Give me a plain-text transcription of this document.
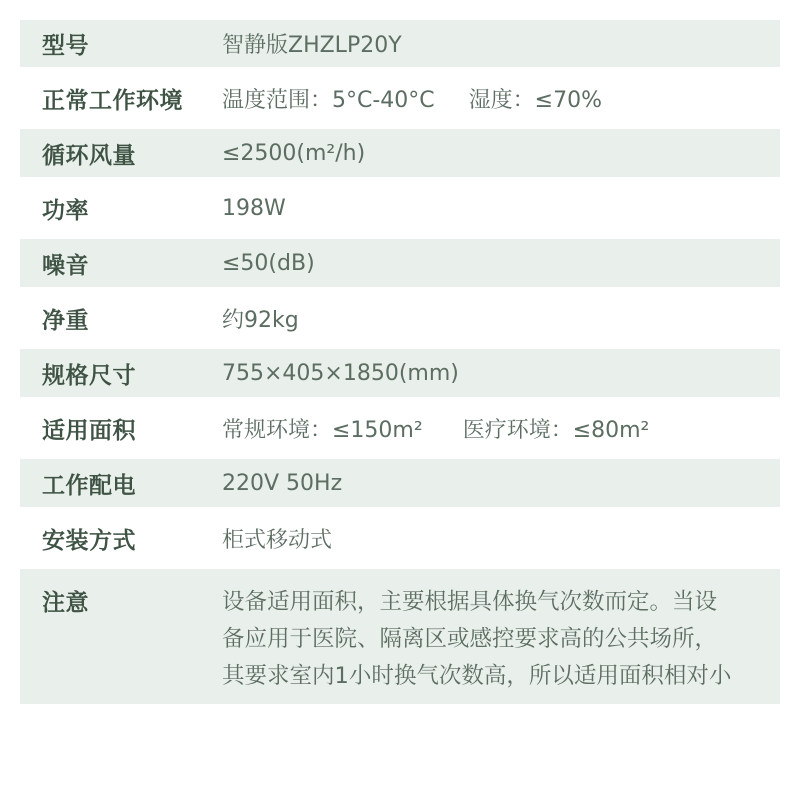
型号	智静版ZHZLP20Y
正常工作环境	温度范围：5°C-40°C 湿度：≤70%
循环风量	≤2500(m²/h)
功率	198W
噪音	≤50(dB)
净重	约92kg
规格尺寸	755×405×1850(mm)
适用面积	常规环境：≤150m² 医疗环境：≤80m²
工作配电	220V 50Hz
安装方式	柜式移动式
注意	设备适用面积，主要根据具体换气次数而定。当设
备应用于医院、隔离区或感控要求高的公共场所，
其要求室内1小时换气次数高，所以适用面积相对小
